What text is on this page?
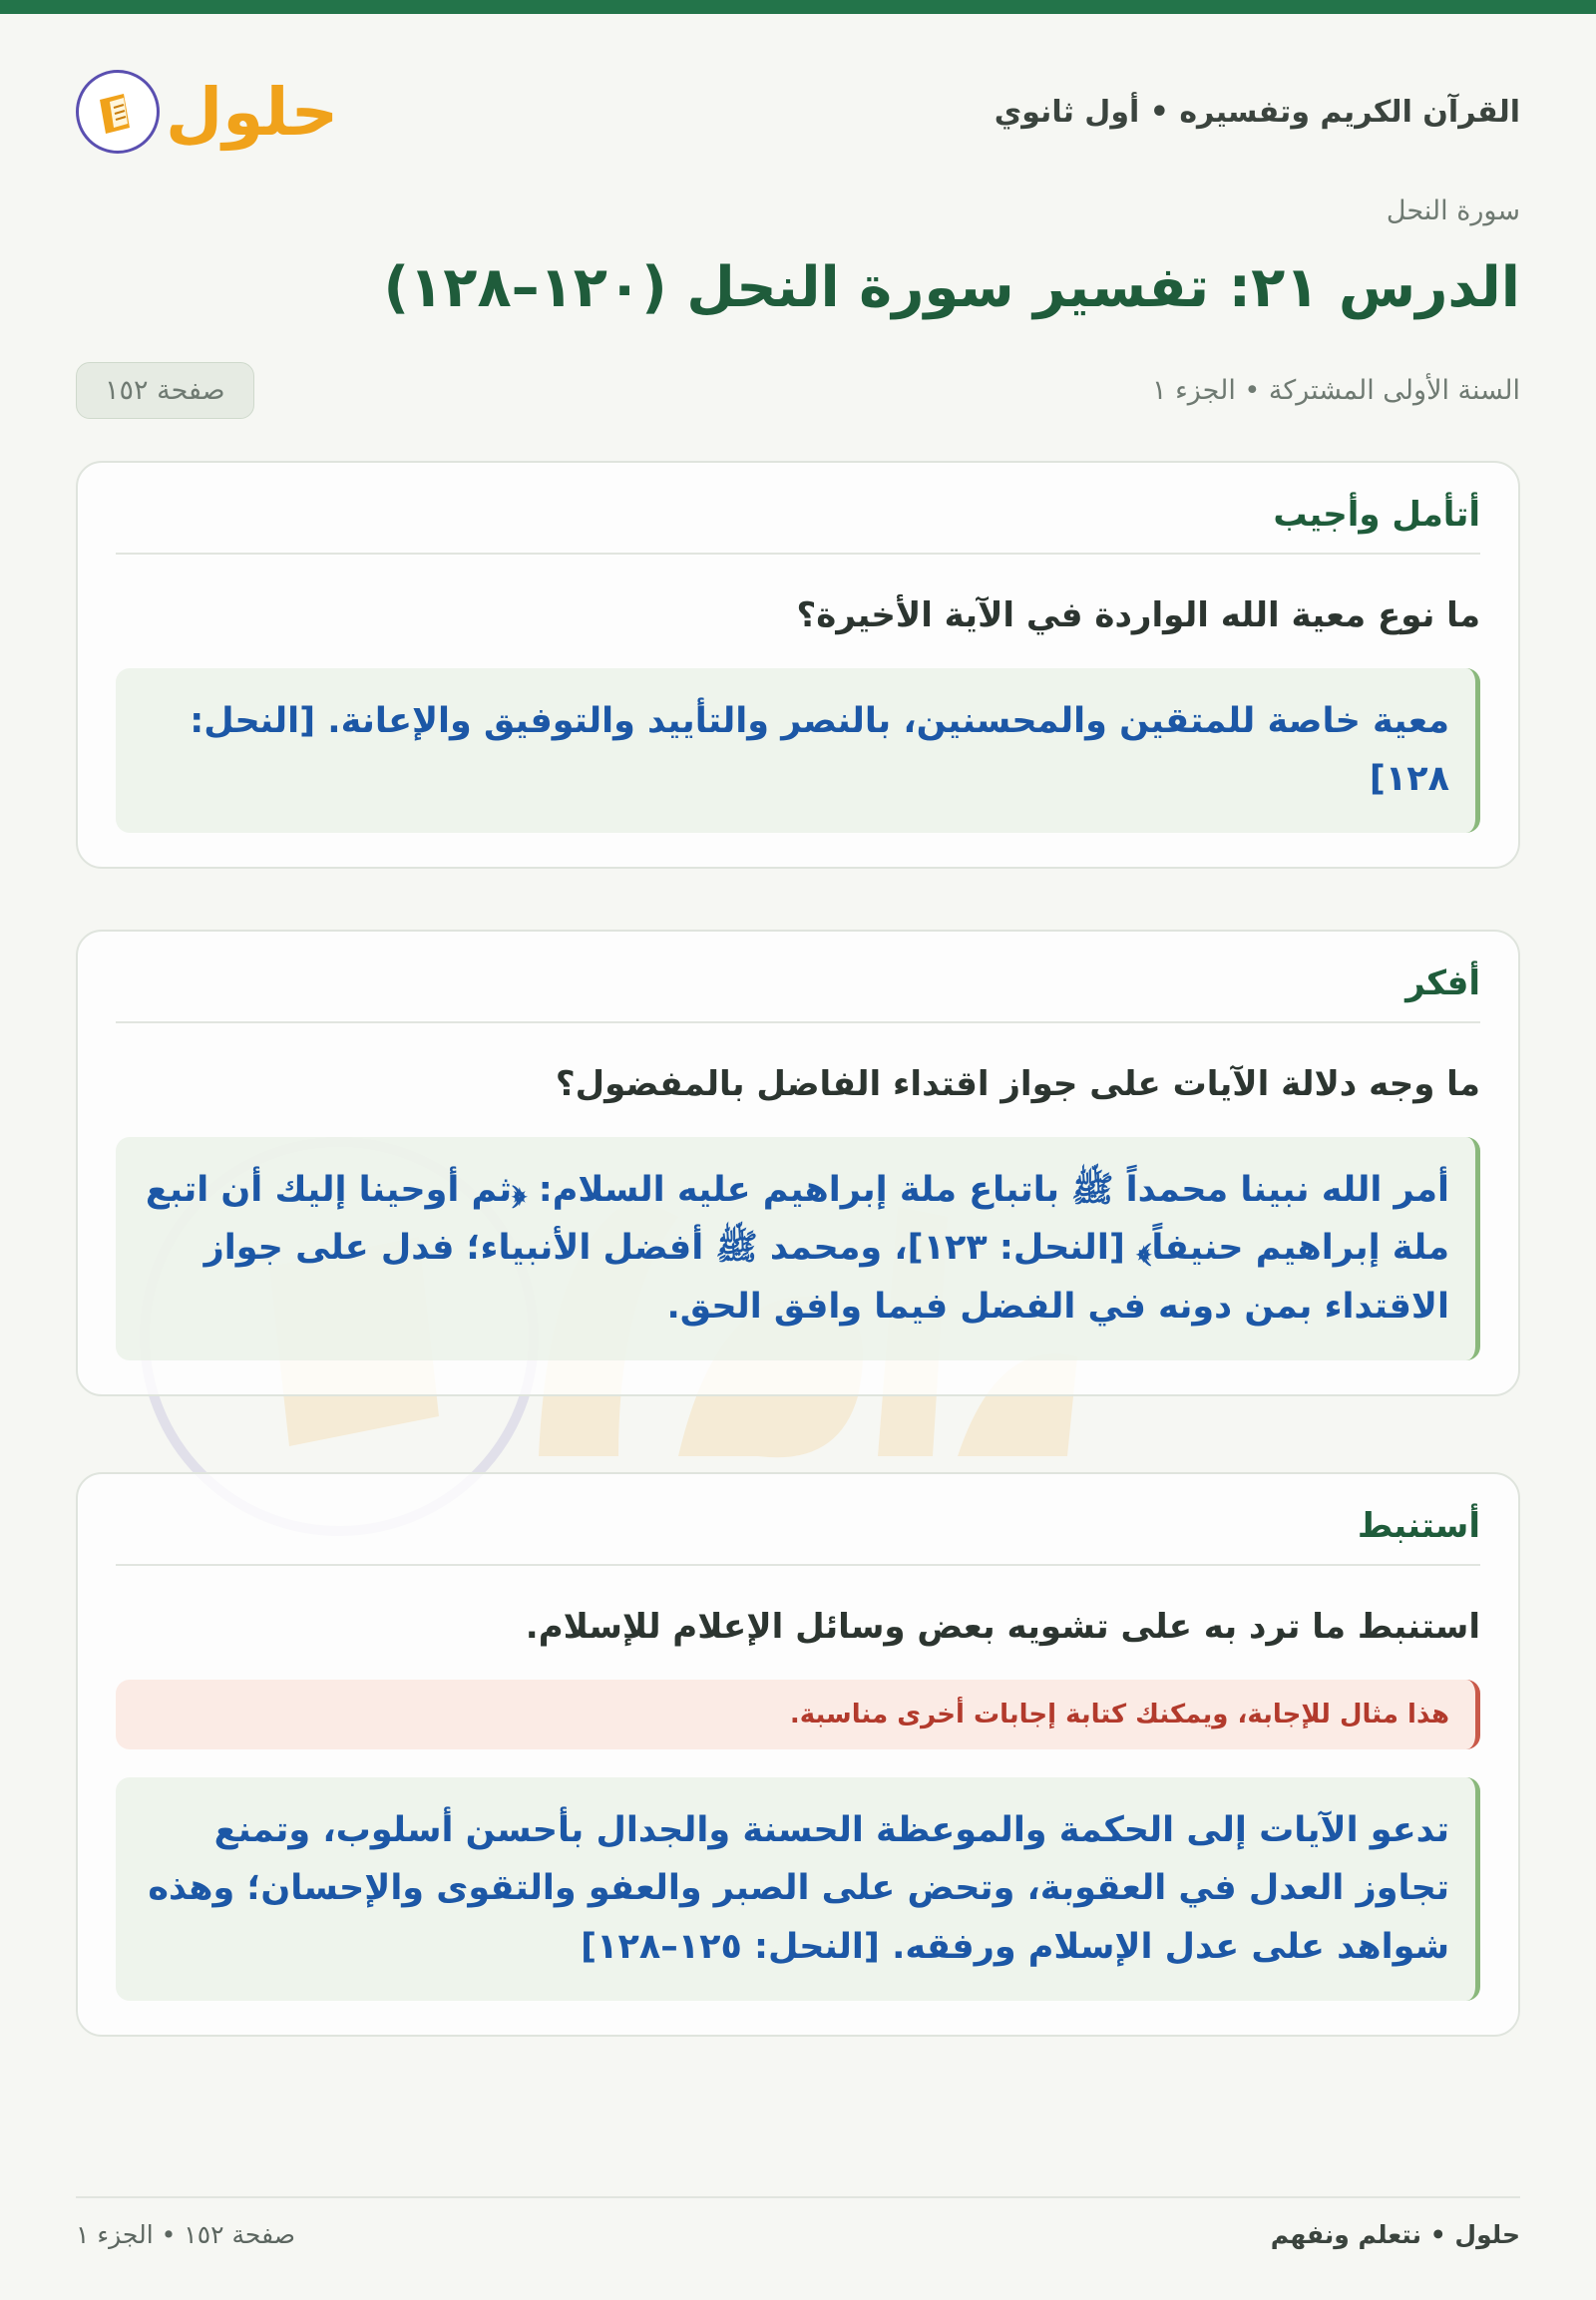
القرآن الكريم وتفسيره • أول ثانوي
حلول
سورة النحل
الدرس ٢١: تفسير سورة النحل (١٢٠–١٢٨)
السنة الأولى المشتركة • الجزء ١
صفحة ١٥٢
أتأمل وأجيب

ما نوع معية الله الواردة في الآية الأخيرة؟

معية خاصة للمتقين والمحسنين، بالنصر والتأييد والتوفيق والإعانة. [النحل: ١٢٨]
أفكر

ما وجه دلالة الآيات على جواز اقتداء الفاضل بالمفضول؟

أمر الله نبينا محمداً ﷺ باتباع ملة إبراهيم عليه السلام: ﴿ثم أوحينا إليك أن اتبع ملة إبراهيم حنيفاً﴾ [النحل: ١٢٣]، ومحمد ﷺ أفضل الأنبياء؛ فدل على جواز الاقتداء بمن دونه في الفضل فيما وافق الحق.
أستنبط

استنبط ما ترد به على تشويه بعض وسائل الإعلام للإسلام.

هذا مثال للإجابة، ويمكنك كتابة إجابات أخرى مناسبة.
تدعو الآيات إلى الحكمة والموعظة الحسنة والجدال بأحسن أسلوب، وتمنع تجاوز العدل في العقوبة، وتحض على الصبر والعفو والتقوى والإحسان؛ وهذه شواهد على عدل الإسلام ورفقه. [النحل: ١٢٥–١٢٨]
حلول • نتعلم ونفهم
صفحة ١٥٢ • الجزء ١
